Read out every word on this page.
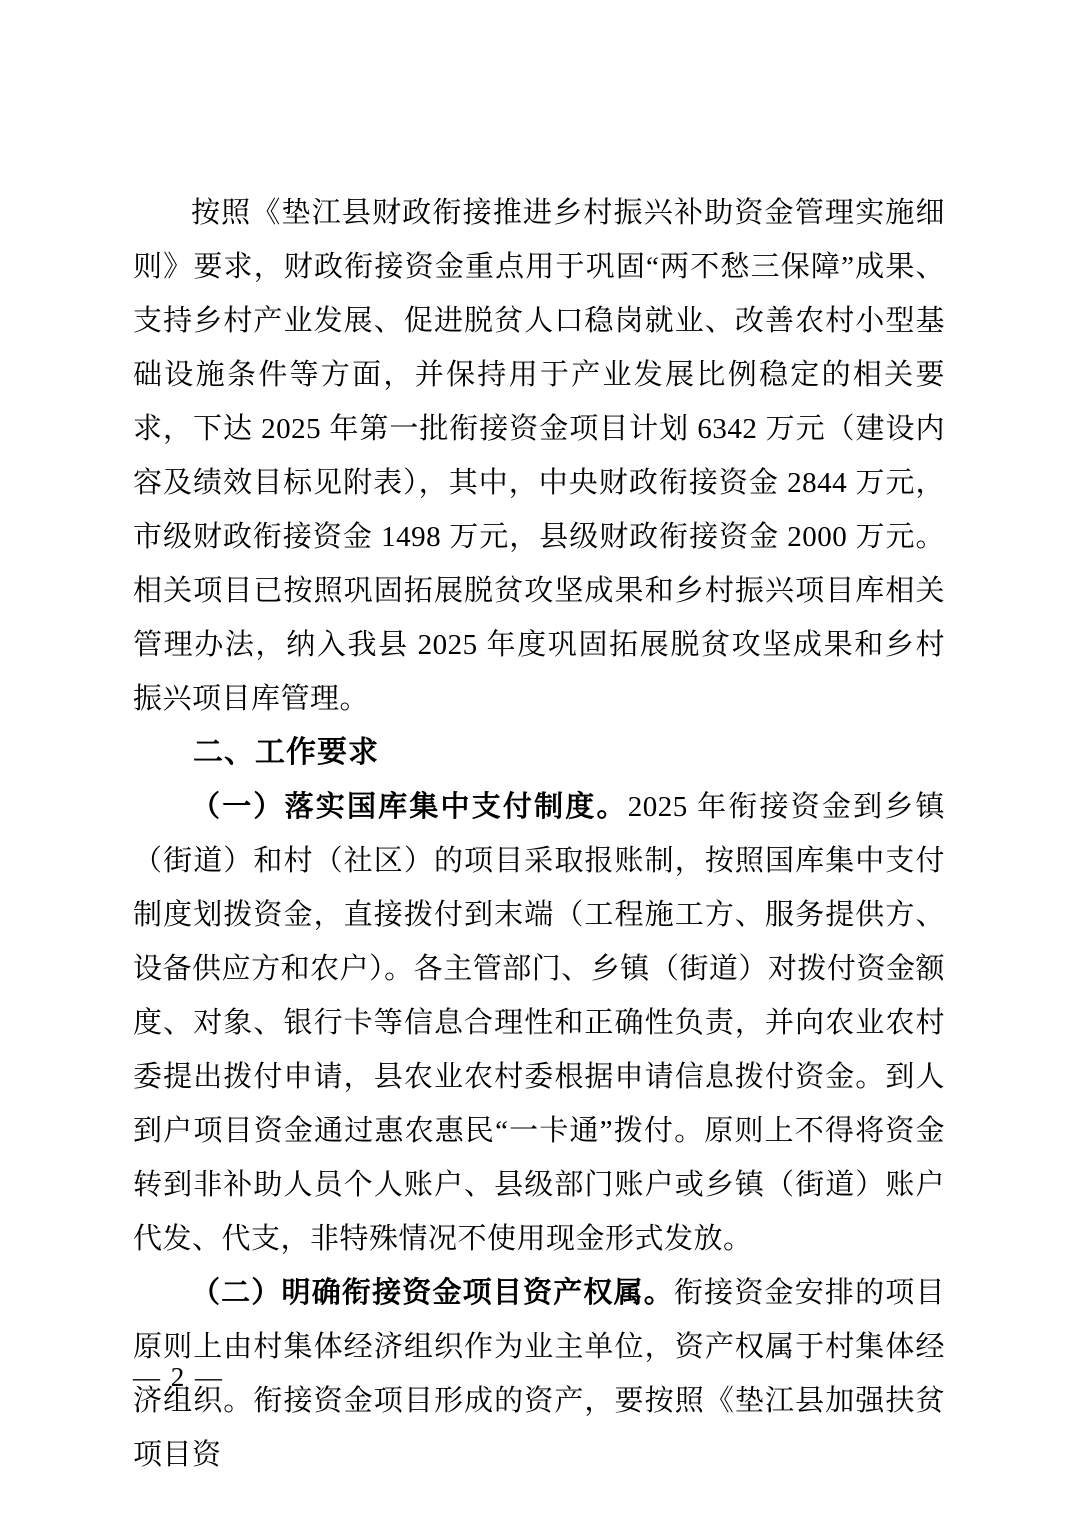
按照《垫江县财政衔接推进乡村振兴补助资金管理实施细则》要求，财政衔接资金重点用于巩固“两不愁三保障”成果、支持乡村产业发展、促进脱贫人口稳岗就业、改善农村小型基础设施条件等方面，并保持用于产业发展比例稳定的相关要求，下达 2025 年第一批衔接资金项目计划 6342 万元（建设内容及绩效目标见附表），其中，中央财政衔接资金 2844 万元，市级财政衔接资金 1498 万元，县级财政衔接资金 2000 万元。相关项目已按照巩固拓展脱贫攻坚成果和乡村振兴项目库相关管理办法，纳入我县 2025 年度巩固拓展脱贫攻坚成果和乡村振兴项目库管理。

二、工作要求

（一）落实国库集中支付制度。2025 年衔接资金到乡镇（街道）和村（社区）的项目采取报账制，按照国库集中支付制度划拨资金，直接拨付到末端（工程施工方、服务提供方、设备供应方和农户）。各主管部门、乡镇（街道）对拨付资金额度、对象、银行卡等信息合理性和正确性负责，并向农业农村委提出拨付申请，县农业农村委根据申请信息拨付资金。到人到户项目资金通过惠农惠民“一卡通”拨付。原则上不得将资金转到非补助人员个人账户、县级部门账户或乡镇（街道）账户代发、代支，非特殊情况不使用现金形式发放。

（二）明确衔接资金项目资产权属。衔接资金安排的项目原则上由村集体经济组织作为业主单位，资产权属于村集体经济组织。衔接资金项目形成的资产，要按照《垫江县加强扶贫项目资

— 2 —
